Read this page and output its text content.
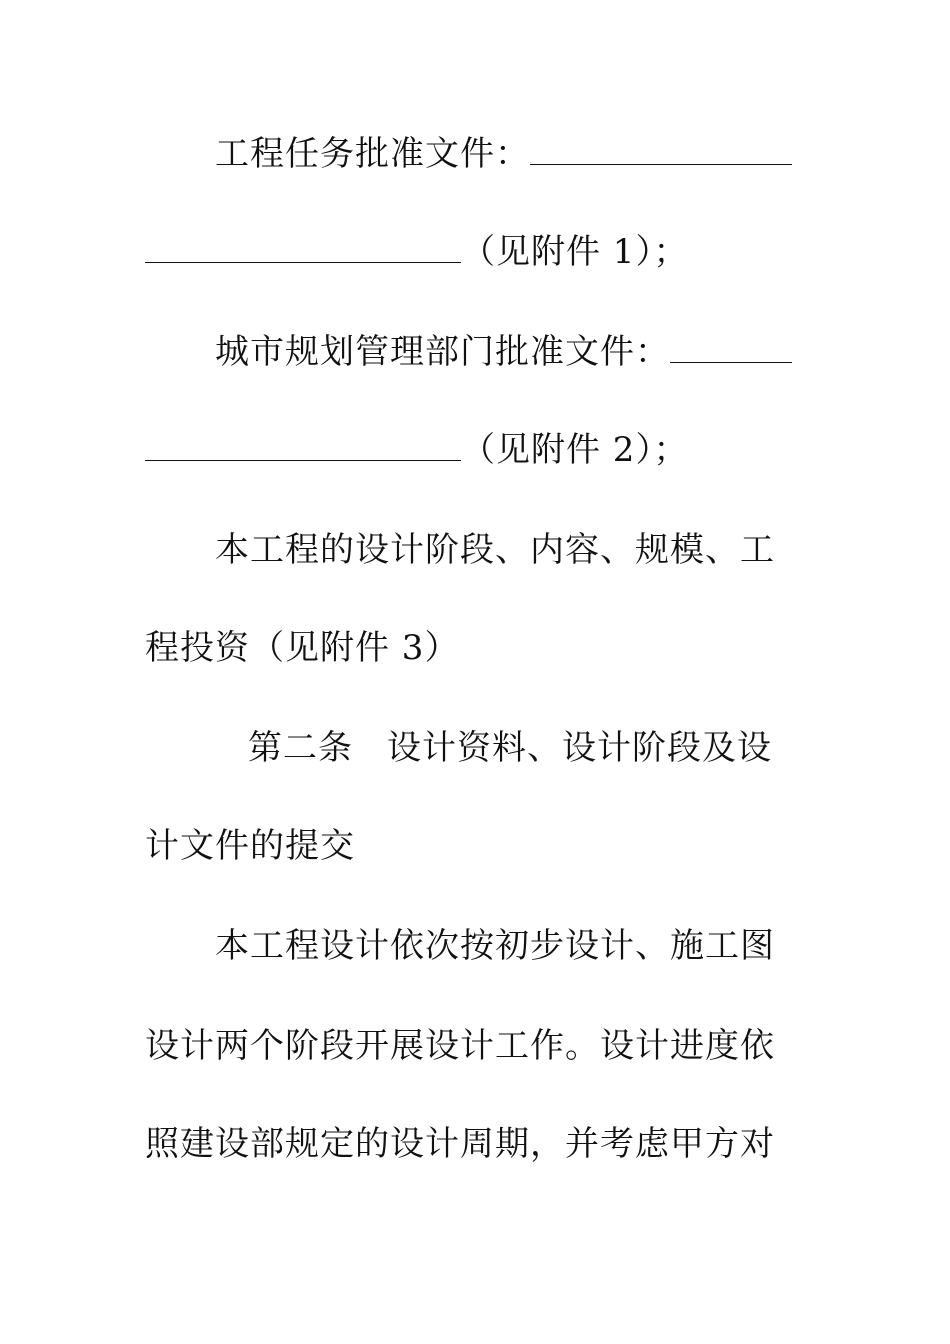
工程任务批准文件：
（见附件 1）；
城市规划管理部门批准文件：
（见附件 2）；
本工程的设计阶段、内容、规模、工
程投资（见附件 3）
第二条 设计资料、设计阶段及设
计文件的提交
本工程设计依次按初步设计、施工图
设计两个阶段开展设计工作。设计进度依
照建设部规定的设计周期，并考虑甲方对
